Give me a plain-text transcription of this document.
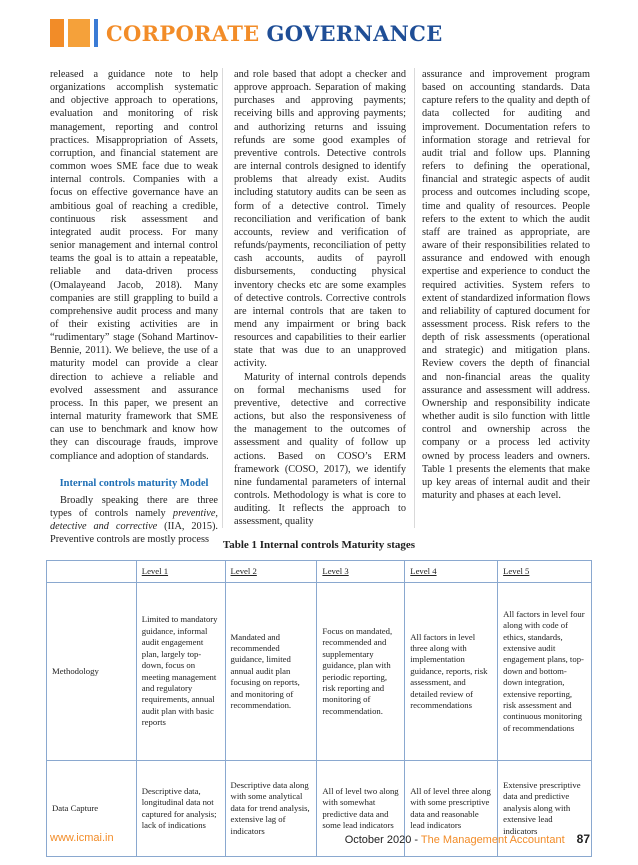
CORPORATE GOVERNANCE

released a guidance note to help organizations accomplish systematic and objective approach to operations, evaluation and monitoring of risk management, reporting and control practices. Misappropriation of Assets, corruption, and financial statement are common woes SME face due to weak internal controls. Companies with a focus on effective governance have an ambitious goal of reaching a credible, continuous risk assessment and integrated audit process. For many senior management and internal control teams the goal is to attain a repeatable, reliable and data-driven process (Omalayeand Jacob, 2018). Many companies are still grappling to build a comprehensive audit process and many of their existing activities are in “rudimentary” stage (Sohand Martinov-Bennie, 2011). We believe, the use of a maturity model can provide a clear direction to achieve a reliable and evolved assessment and assurance process. In this paper, we present an internal maturity framework that SME can use to benchmark and know how they can discourage frauds, improve compliance and adoption of standards.

Internal controls maturity Model

Broadly speaking there are three types of controls namely preventive, detective and corrective (IIA, 2015). Preventive controls are mostly process

and role based that adopt a checker and approve approach. Separation of making purchases and approving payments; receiving bills and approving payments; and authorizing returns and issuing refunds are some good examples of preventive controls. Detective controls are internal controls designed to identify problems that already exist. Audits including statutory audits can be seen as form of a detective control. Timely reconciliation and verification of bank accounts, review and verification of refunds/payments, reconciliation of petty cash accounts, audits of payroll disbursements, conducting physical inventory checks etc are some examples of detective controls. Corrective controls are internal controls that are taken to mend any impairment or bring back resources and capabilities to their earlier state that was due to an unapproved activity.

Maturity of internal controls depends on formal mechanisms used for preventive, detective and corrective actions, but also the responsiveness of the management to the outcomes of assessment and quality of follow up actions. Based on COSO’s ERM framework (COSO, 2017), we identify nine fundamental parameters of internal controls. Methodology is what is core to auditing. It reflects the approach to assessment, quality

assurance and improvement program based on accounting standards. Data capture refers to the quality and depth of data collected for auditing and improvement. Documentation refers to information storage and retrieval for audit trial and follow ups. Planning refers to defining the operational, financial and strategic aspects of audit process and outcomes including scope, time and quality of resources. People refers to the extent to which the audit staff are trained as appropriate, are aware of their responsibilities related to assurance and endowed with enough expertise and experience to conduct the required activities. System refers to extent of standardized information flows and reliability of captured document for assessment process. Risk refers to the depth of risk assessments (operational and strategic) and mitigation plans. Review covers the depth of financial and non-financial areas the quality assurance and assessment will address. Ownership and responsibility indicate whether audit is silo function with little control and ownership across the company or a process led activity owned by process leaders and owners. Table 1 presents the elements that make up key areas of internal audit and their maturity and phases at each level.

Table 1 Internal controls Maturity stages
	Level 1	Level 2	Level 3	Level 4	Level 5
Methodology	Limited to mandatory guidance, informal audit engagement plan, largely top-down, focus on meeting management and regulatory requirements, annual audit plan with basic reports	Mandated and recommended guidance, limited annual audit plan focusing on reports, and monitoring of recommendation.	Focus on mandated, recommended and supplementary guidance, plan with periodic reporting, risk reporting and monitoring of recommendation.	All factors in level three along with implementation guidance, reports, risk assessment, and detailed review of recommendations	All factors in level four along with code of ethics, standards, extensive audit engagement plans, top-down and bottom-down integration, extensive reporting, risk assessment and continuous monitoring of recommendations
Data Capture	Descriptive data, longitudinal data not captured for analysis; lack of indications	Descriptive data along with some analytical data for trend analysis, extensive lag of indicators	All of level two along with somewhat predictive data and some lead indicators	All of level three along with some prescriptive data and reasonable lead indicators	Extensive prescriptive data and predictive analysis along with extensive lead indicators
www.icmai.in	October 2020 - The Management Accountant 87
